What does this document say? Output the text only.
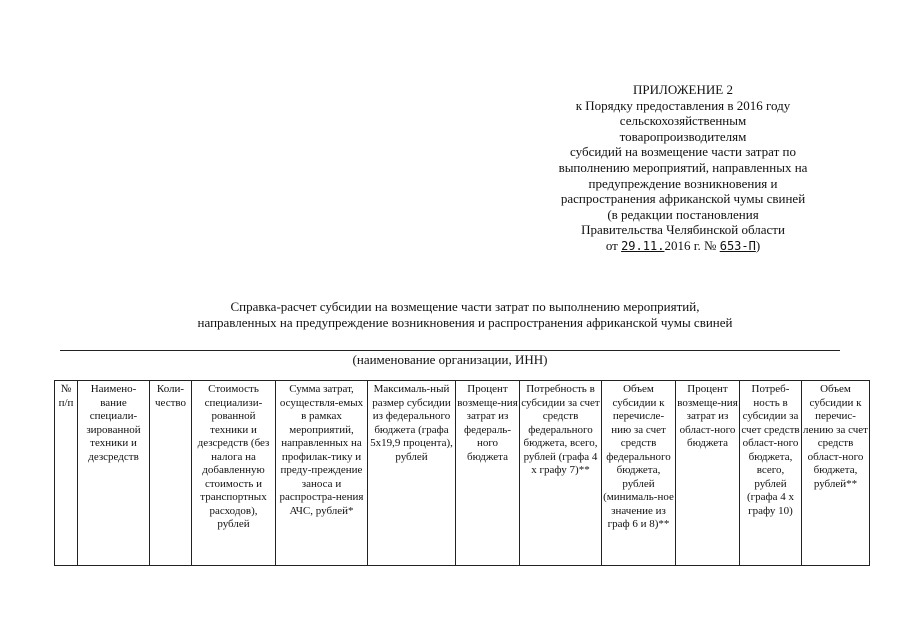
ПРИЛОЖЕНИЕ 2
к Порядку предоставления в 2016 году
сельскохозяйственным
товаропроизводителям
субсидий на возмещение части затрат по
выполнению мероприятий, направленных на
предупреждение возникновения и
распространения африканской чумы свиней
(в редакции постановления
Правительства Челябинской области
от 29.11.2016 г. № 653-П)
Справка-расчет субсидии на возмещение части затрат по выполнению мероприятий,
направленных на предупреждение возникновения и распространения африканской чумы свиней
(наименование организации, ИНН)
№ п/п	Наимено-вание специали-зированной техники и дезсредств	Коли-чество	Стоимость специализи-рованной техники и дезсредств (без налога на добавленную стоимость и транспортных расходов), рублей	Сумма затрат, осуществля-емых в рамках мероприятий, направленных на профилак-тику и преду-преждение заноса и распростра-нения АЧС, рублей*	Максималь-ный размер субсидии из федерального бюджета (графа 5х19,9 процента), рублей	Процент возмеще-ния затрат из федераль-ного бюджета	Потребность в субсидии за счет средств федерального бюджета, всего, рублей (графа 4 х графу 7)**	Объем субсидии к перечисле-нию за счет средств федерального бюджета, рублей (минималь-ное значение из граф 6 и 8)**	Процент возмеще-ния затрат из област-ного бюджета	Потреб-ность в субсидии за счет средств област-ного бюджета, всего, рублей (графа 4 х графу 10)	Объем субсидии к перечис-лению за счет средств област-ного бюджета, рублей**
